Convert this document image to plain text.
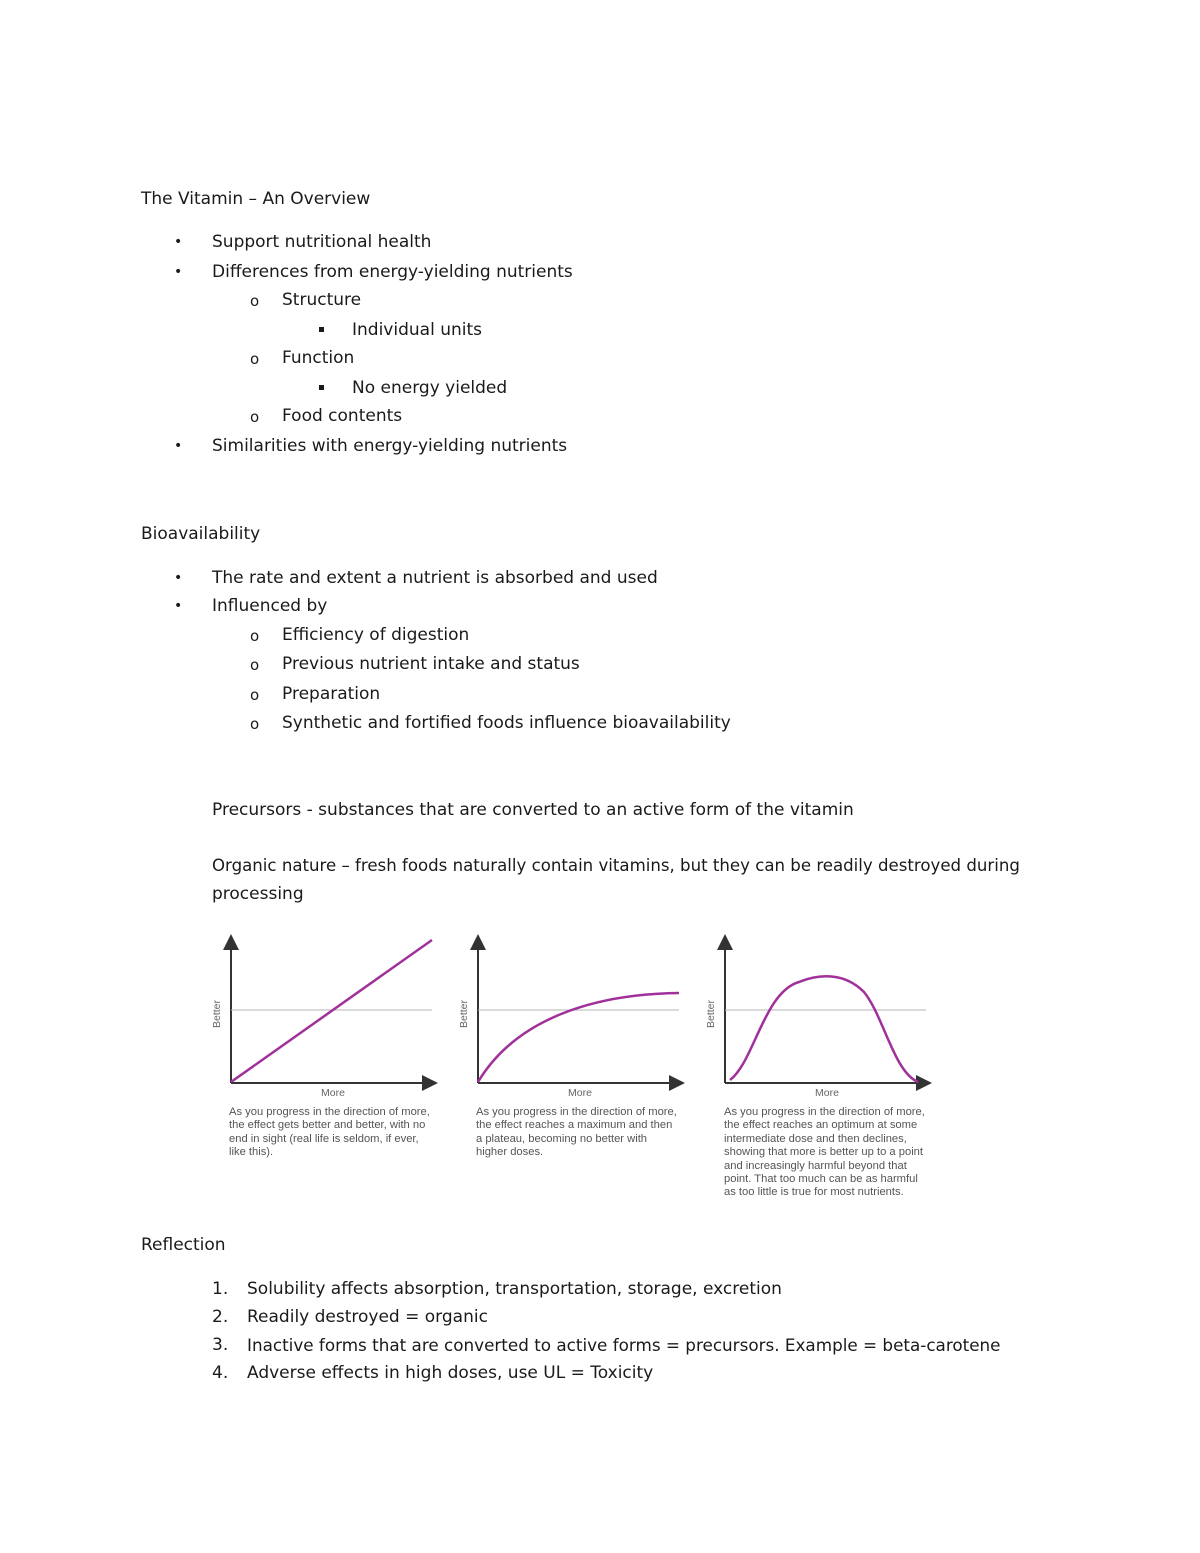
The Vitamin – An Overview
• Support nutritional health
• Differences from energy-yielding nutrients
o Structure
Individual units
o Function
No energy yielded
o Food contents
• Similarities with energy-yielding nutrients
Bioavailability
• The rate and extent a nutrient is absorbed and used
• Influenced by
o Efficiency of digestion
o Previous nutrient intake and status
o Preparation
o Synthetic and fortified foods influence bioavailability
Precursors - substances that are converted to an active form of the vitamin
Organic nature – fresh foods naturally contain vitamins, but they can be readily destroyed during
processing
Better
More
As you progress in the direction of more, the effect gets better and better, with no end in sight (real life is seldom, if ever, like this).
Better
More
As you progress in the direction of more, the effect reaches a maximum and then a plateau, becoming no better with higher doses.
Better
More
As you progress in the direction of more, the effect reaches an optimum at some intermediate dose and then declines, showing that more is better up to a point and increasingly harmful beyond that point. That too much can be as harmful as too little is true for most nutrients.
Reflection
1. Solubility affects absorption, transportation, storage, excretion
2. Readily destroyed = organic
3. Inactive forms that are converted to active forms = precursors. Example = beta-carotene
4. Adverse effects in high doses, use UL = Toxicity
